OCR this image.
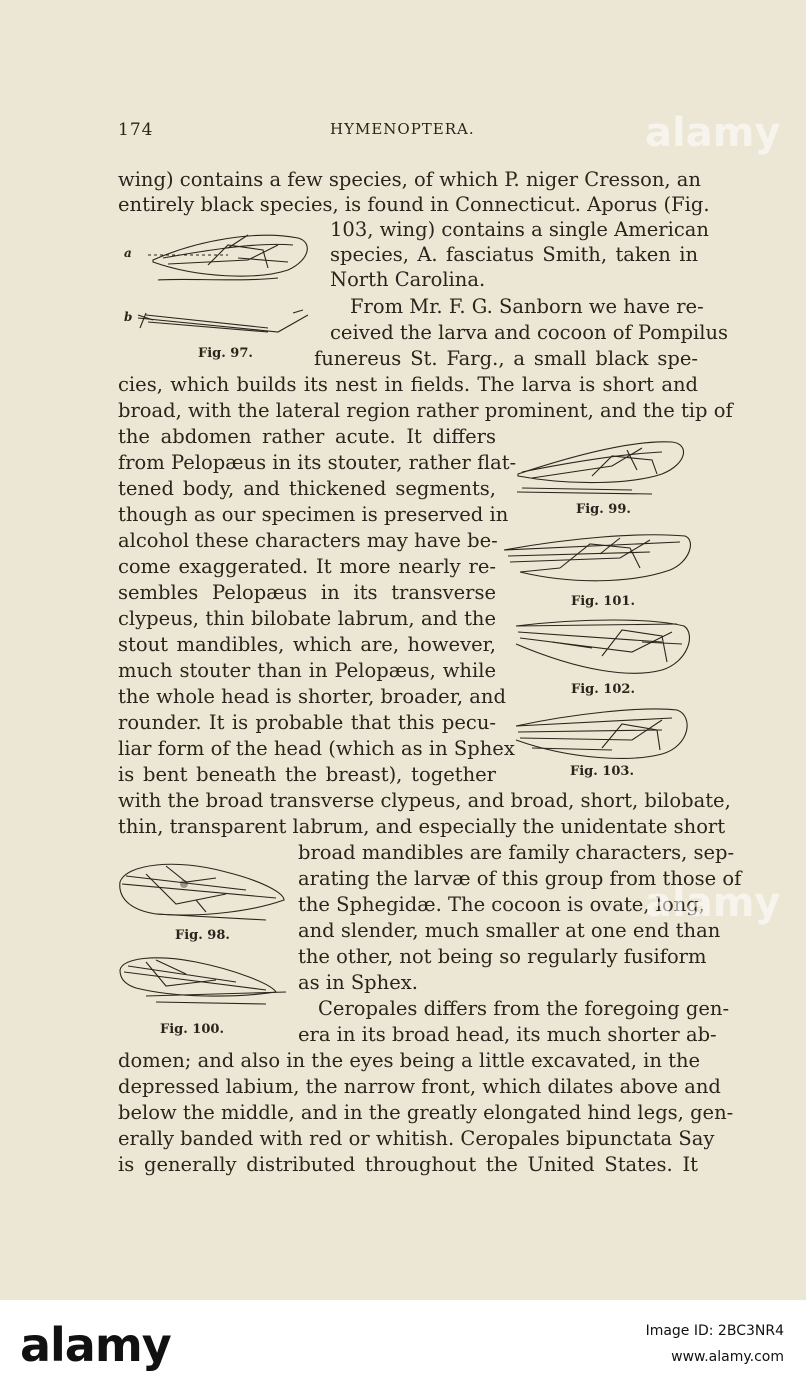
174	HYMENOPTERA.
wing) contains a few species, of which P. niger Cresson, an
entirely black species, is found in Connecticut. Aporus (Fig.
103, wing) contains a single American
species, A. fasciatus Smith, taken in
North Carolina.
From Mr. F. G. Sanborn we have re-
ceived the larva and cocoon of Pompilus
funereus St. Farg., a small black spe-
cies, which builds its nest in fields. The larva is short and
broad, with the lateral region rather prominent, and the tip of
the abdomen rather acute. It differs
from Pelopæus in its stouter, rather flat-
tened body, and thickened segments,
though as our specimen is preserved in
alcohol these characters may have be-
come exaggerated. It more nearly re-
sembles Pelopæus in its transverse
clypeus, thin bilobate labrum, and the
stout mandibles, which are, however,
much stouter than in Pelopæus, while
the whole head is shorter, broader, and
rounder. It is probable that this pecu-
liar form of the head (which as in Sphex
is bent beneath the breast), together
with the broad transverse clypeus, and broad, short, bilobate,
thin, transparent labrum, and especially the unidentate short
broad mandibles are family characters, sep-
arating the larvæ of this group from those of
the Sphegidæ. The cocoon is ovate, long,
and slender, much smaller at one end than
the other, not being so regularly fusiform
as in Sphex.
Ceropales differs from the foregoing gen-
era in its broad head, its much shorter ab-
domen; and also in the eyes being a little excavated, in the
depressed labium, the narrow front, which dilates above and
below the middle, and in the greatly elongated hind legs, gen-
erally banded with red or whitish. Ceropales bipunctata Say
is generally distributed throughout the United States. It
a
b
Fig. 97.
Fig. 99.
Fig. 101.
Fig. 102.
Fig. 103.
Fig. 98.
Fig. 100.
alamy
alamy
alamy	Image ID: 2BC3NR4
www.alamy.com
